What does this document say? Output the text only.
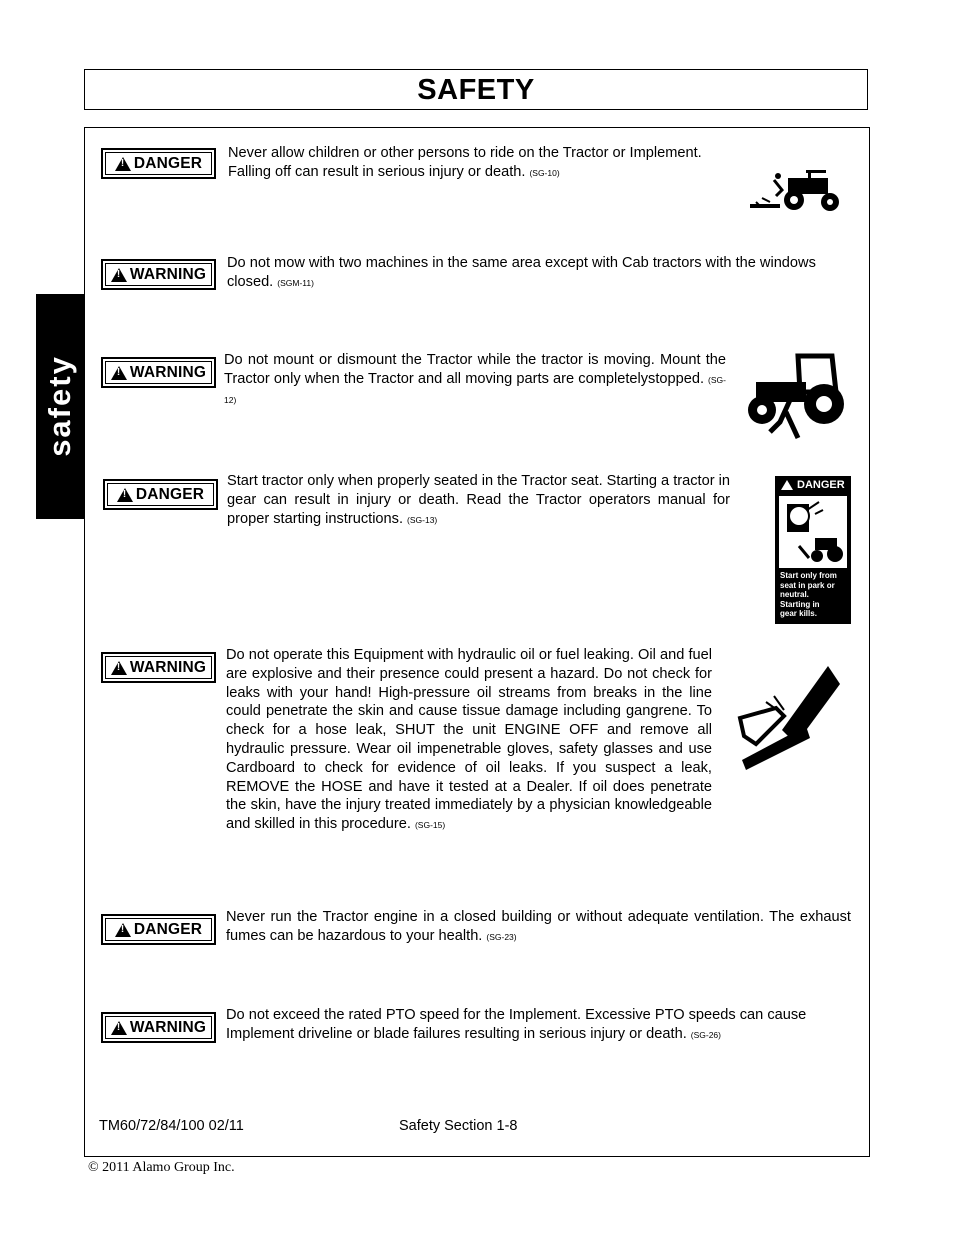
SAFETY
safety
!
DANGER
Never allow children or other persons to ride on the Tractor or Implement. Falling off can result in serious injury or death. (SG-10)
!
WARNING
Do not mow with two machines in the same area except with Cab tractors with the windows closed. (SGM-11)
!
WARNING
Do not mount or dismount the Tractor while the tractor is moving. Mount the Tractor only when the Tractor and all moving parts are completelystopped. (SG-12)
!
DANGER
Start tractor only when properly seated in the Tractor seat. Starting a tractor in gear can result in injury or death. Read the Tractor operators manual for proper starting instructions. (SG-13)
DANGER
Start only from
seat in park or
neutral.
Starting in
gear kills.
!
WARNING
Do not operate this Equipment with hydraulic oil or fuel leaking. Oil and fuel are explosive and their presence could present a hazard. Do not check for leaks with your hand! High-pressure oil streams from breaks in the line could penetrate the skin and cause tissue damage including gangrene. To check for a hose leak, SHUT the unit ENGINE OFF and remove all hydraulic pressure. Wear oil impenetrable gloves, safety glasses and use Cardboard to check for evidence of oil leaks. If you suspect a leak, REMOVE the HOSE and have it tested at a Dealer. If oil does penetrate the skin, have the injury treated immediately by a physician knowledgeable and skilled in this procedure. (SG-15)
!
DANGER
Never run the Tractor engine in a closed building or without adequate ventilation. The exhaust fumes can be hazardous to your health. (SG-23)
!
WARNING
Do not exceed the rated PTO speed for the Implement. Excessive PTO speeds can cause Implement driveline or blade failures resulting in serious injury or death. (SG-26)
TM60/72/84/100 02/11	Safety Section 1-8
© 2011 Alamo Group Inc.
